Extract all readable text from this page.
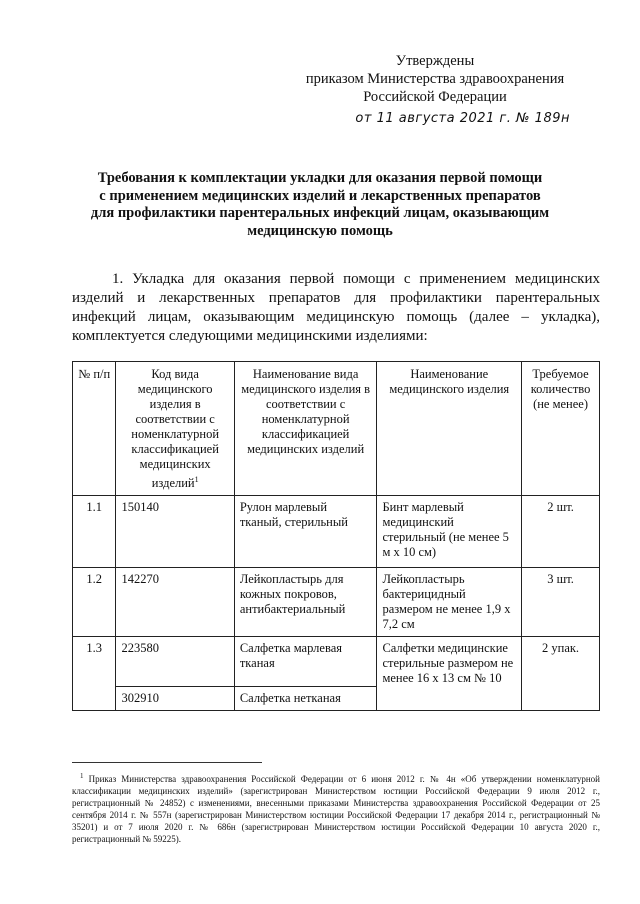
Утверждены
приказом Министерства здравоохранения
Российской Федерации
от 11 августа 2021 г. № 189н
Требования к комплектации укладки для оказания первой помощи
с применением медицинских изделий и лекарственных препаратов
для профилактики парентеральных инфекций лицам, оказывающим
медицинскую помощь

1. Укладка для оказания первой помощи с применением медицинских изделий и лекарственных препаратов для профилактики парентеральных инфекций лицам, оказывающим медицинскую помощь (далее – укладка), комплектуется следующими медицинскими изделиями:

№ п/п	Код вида медицинского изделия в соответствии с номенклатурной классификацией медицинских изделий$^1$	Наименование вида медицинского изделия в соответствии с номенклатурной классификацией медицинских изделий	Наименование медицинского изделия	Требуемое количество (не менее)
1.1	150140	Рулон марлевый тканый, стерильный	Бинт марлевый медицинский стерильный (не менее 5 м х 10 см)	2 шт.
1.2	142270	Лейкопластырь для кожных покровов, антибактериальный	Лейкопластырь бактерицидный размером не менее 1,9 х 7,2 см	3 шт.
1.3	223580	Салфетка марлевая тканая	Салфетки медицинские стерильные размером не менее 16 х 13 см № 10	2 упак.
	302910	Салфетка нетканая		
$^1$ Приказ Министерства здравоохранения Российской Федерации от 6 июня 2012 г. № 4н «Об утверждении номенклатурной классификации медицинских изделий» (зарегистрирован Министерством юстиции Российской Федерации 9 июля 2012 г., регистрационный № 24852) с изменениями, внесенными приказами Министерства здравоохранения Российской Федерации от 25 сентября 2014 г. № 557н (зарегистрирован Министерством юстиции Российской Федерации 17 декабря 2014 г., регистрационный № 35201) и от 7 июля 2020 г. № 686н (зарегистрирован Министерством юстиции Российской Федерации 10 августа 2020 г., регистрационный № 59225).
